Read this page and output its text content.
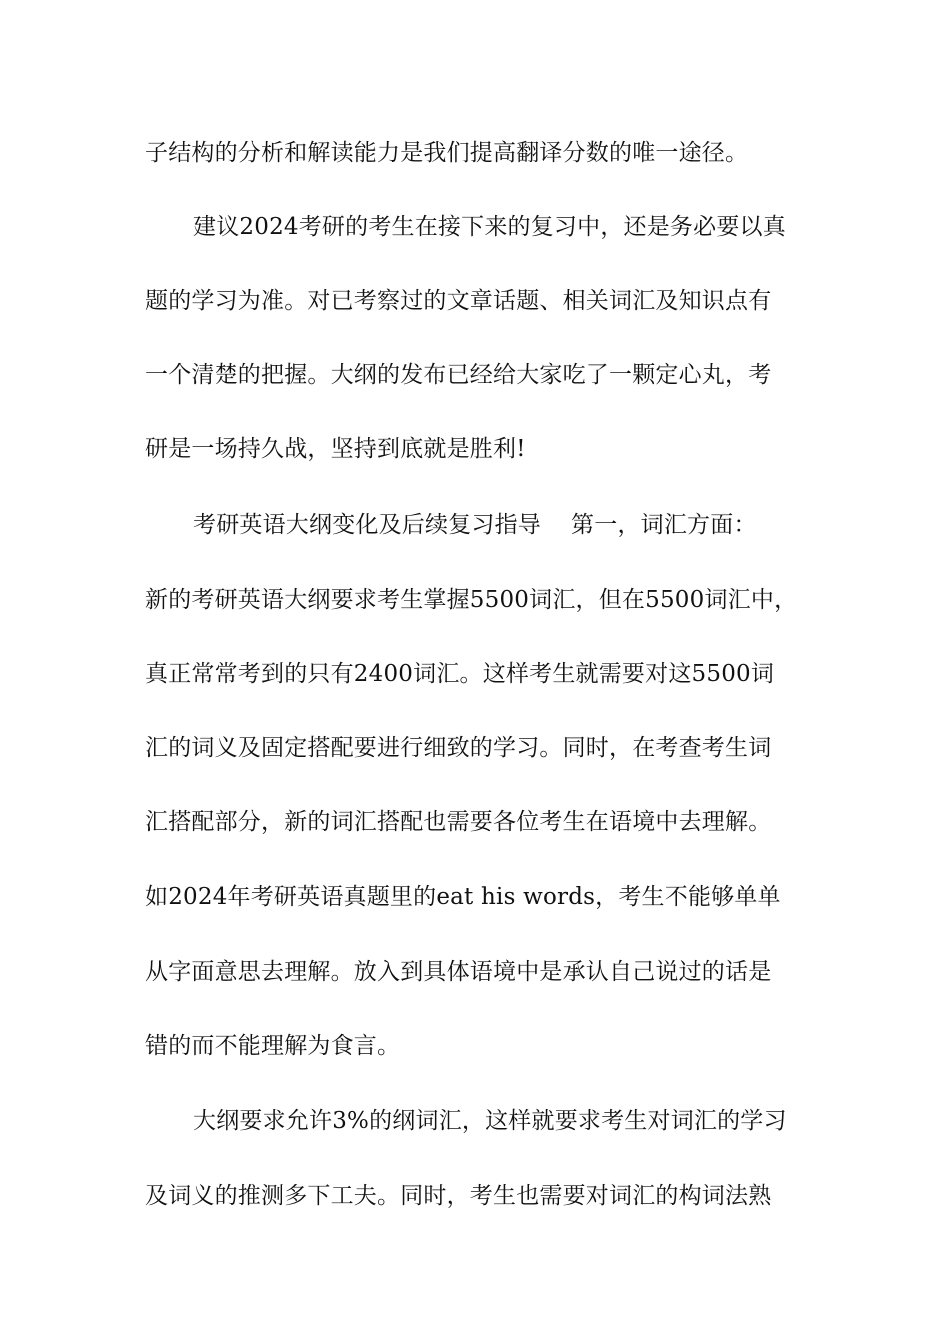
子结构的分析和解读能力是我们提高翻译分数的唯一途径。
建议2024考研的考生在接下来的复习中，还是务必要以真
题的学习为准。对已考察过的文章话题、相关词汇及知识点有
一个清楚的把握。大纲的发布已经给大家吃了一颗定心丸，考
研是一场持久战，坚持到底就是胜利!
考研英语大纲变化及后续复习指导    第一，词汇方面：
新的考研英语大纲要求考生掌握5500词汇，但在5500词汇中，
真正常常考到的只有2400词汇。这样考生就需要对这5500词
汇的词义及固定搭配要进行细致的学习。同时，在考查考生词
汇搭配部分，新的词汇搭配也需要各位考生在语境中去理解。
如2024年考研英语真题里的eat his words，考生不能够单单
从字面意思去理解。放入到具体语境中是承认自己说过的话是
错的而不能理解为食言。
大纲要求允许3%的纲词汇，这样就要求考生对词汇的学习
及词义的推测多下工夫。同时，考生也需要对词汇的构词法熟
